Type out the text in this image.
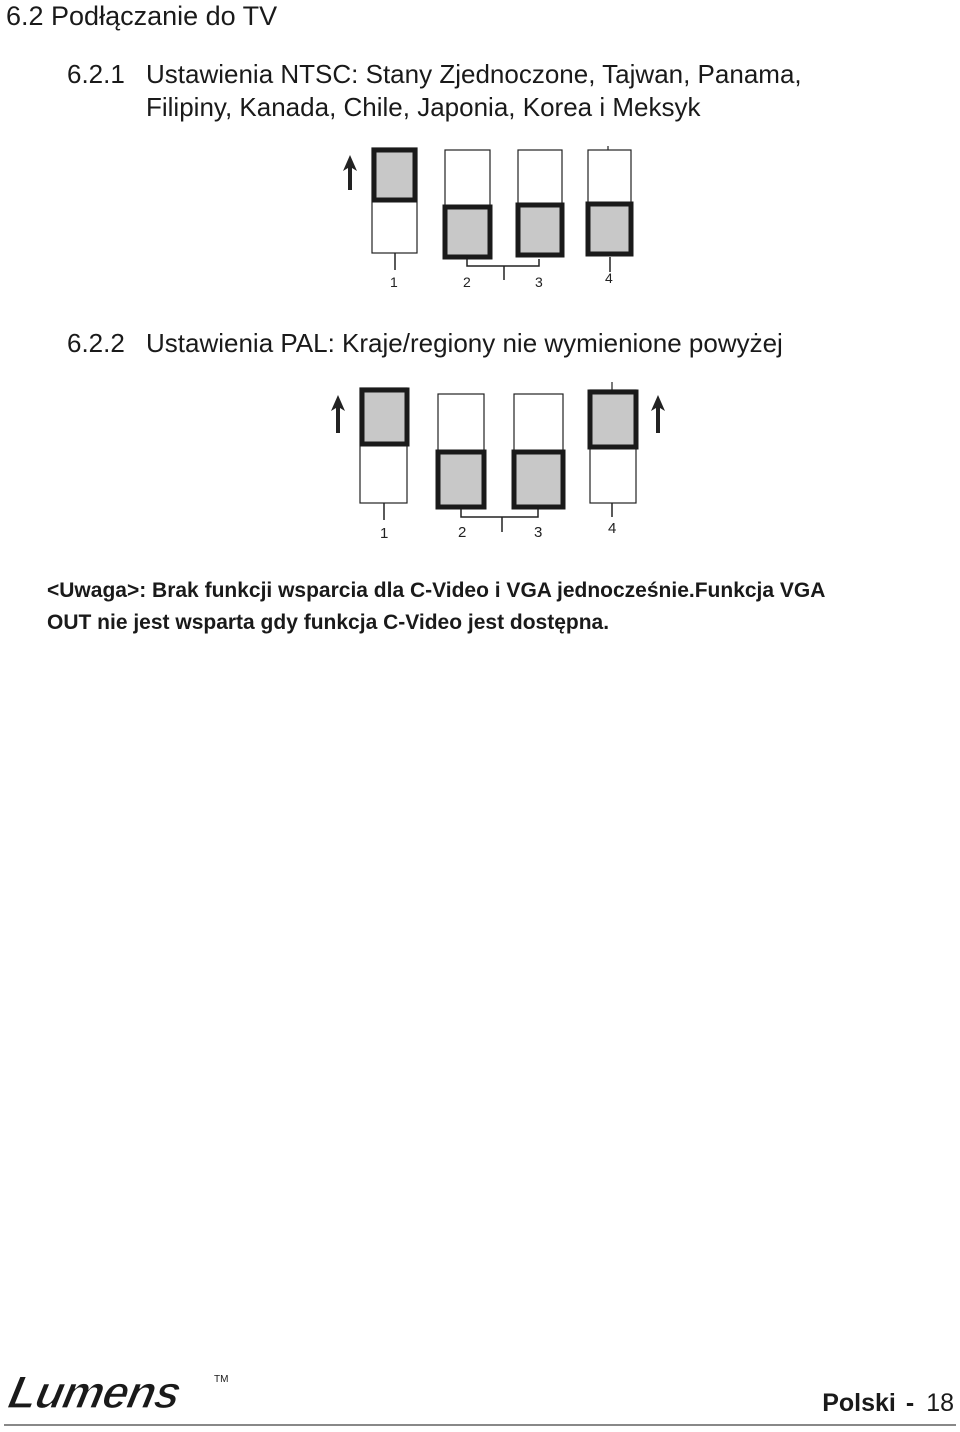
6.2 Podłączanie do TV
6.2.1 Ustawienia NTSC: Stany Zjednoczone, Tajwan, Panama,
Filipiny, Kanada, Chile, Japonia, Korea i Meksyk
1	2	3	4
6.2.2 Ustawienia PAL: Kraje/regiony nie wymienione powyżej
1	2	3	4

<Uwaga>: Brak funkcji wsparcia dla C-Video i VGA jednocześnie.Funkcja VGA

OUT nie jest wsparta gdy funkcja C-Video jest dostępna.

Lumens	TM
Polski - 18
